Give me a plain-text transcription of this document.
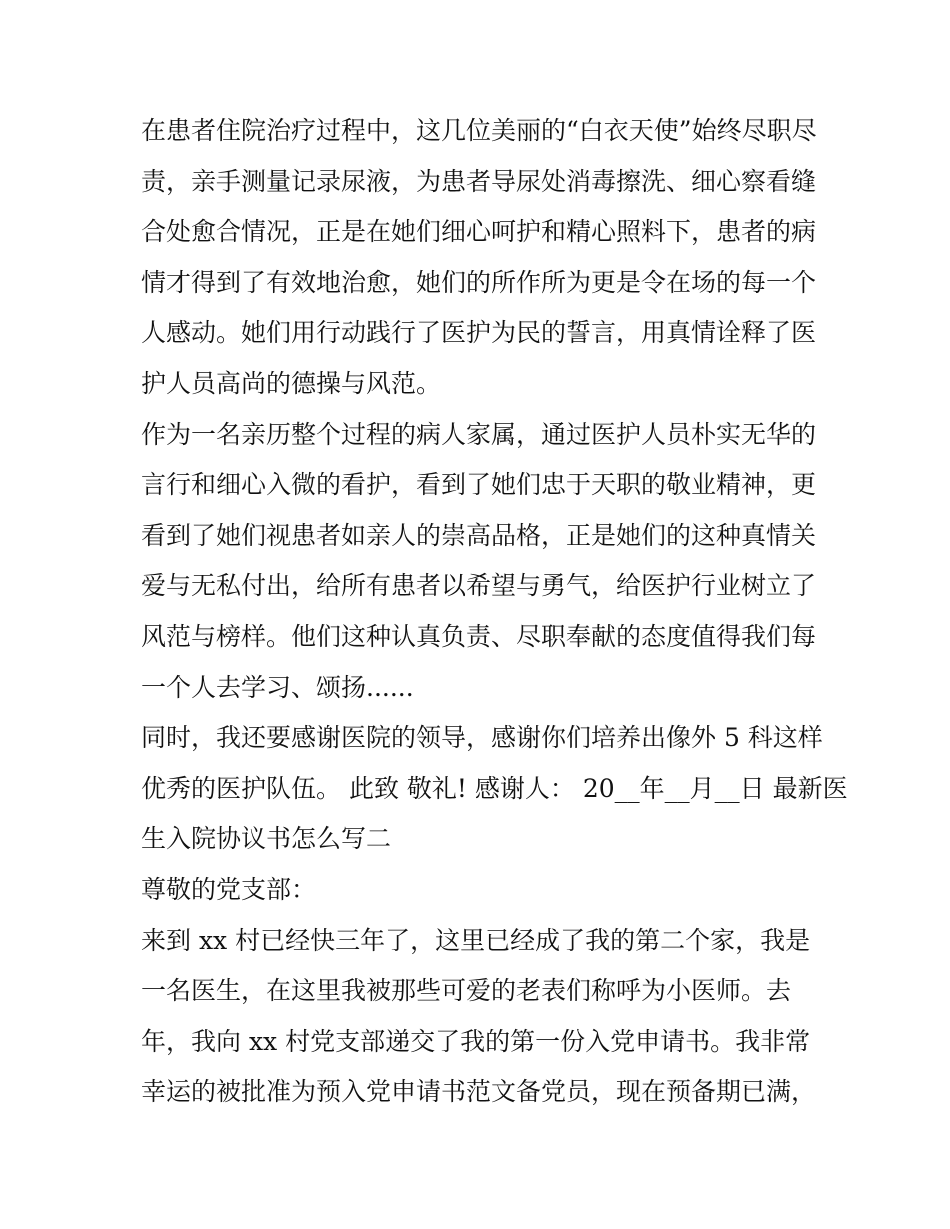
在患者住院治疗过程中，这几位美丽的“白衣天使”始终尽职尽
责，亲手测量记录尿液，为患者导尿处消毒擦洗、细心察看缝
合处愈合情况，正是在她们细心呵护和精心照料下，患者的病
情才得到了有效地治愈，她们的所作所为更是令在场的每一个
人感动。她们用行动践行了医护为民的誓言，用真情诠释了医
护人员高尚的德操与风范。
作为一名亲历整个过程的病人家属，通过医护人员朴实无华的
言行和细心入微的看护，看到了她们忠于天职的敬业精神，更
看到了她们视患者如亲人的崇高品格，正是她们的这种真情关
爱与无私付出，给所有患者以希望与勇气，给医护行业树立了
风范与榜样。他们这种认真负责、尽职奉献的态度值得我们每
一个人去学习、颂扬......
同时，我还要感谢医院的领导，感谢你们培养出像外 5 科这样
优秀的医护队伍。 此致 敬礼! 感谢人： 20__年__月__日 最新医
生入院协议书怎么写二
尊敬的党支部：
来到 xx 村已经快三年了，这里已经成了我的第二个家，我是
一名医生，在这里我被那些可爱的老表们称呼为小医师。去
年，我向 xx 村党支部递交了我的第一份入党申请书。我非常
幸运的被批准为预入党申请书范文备党员，现在预备期已满，
